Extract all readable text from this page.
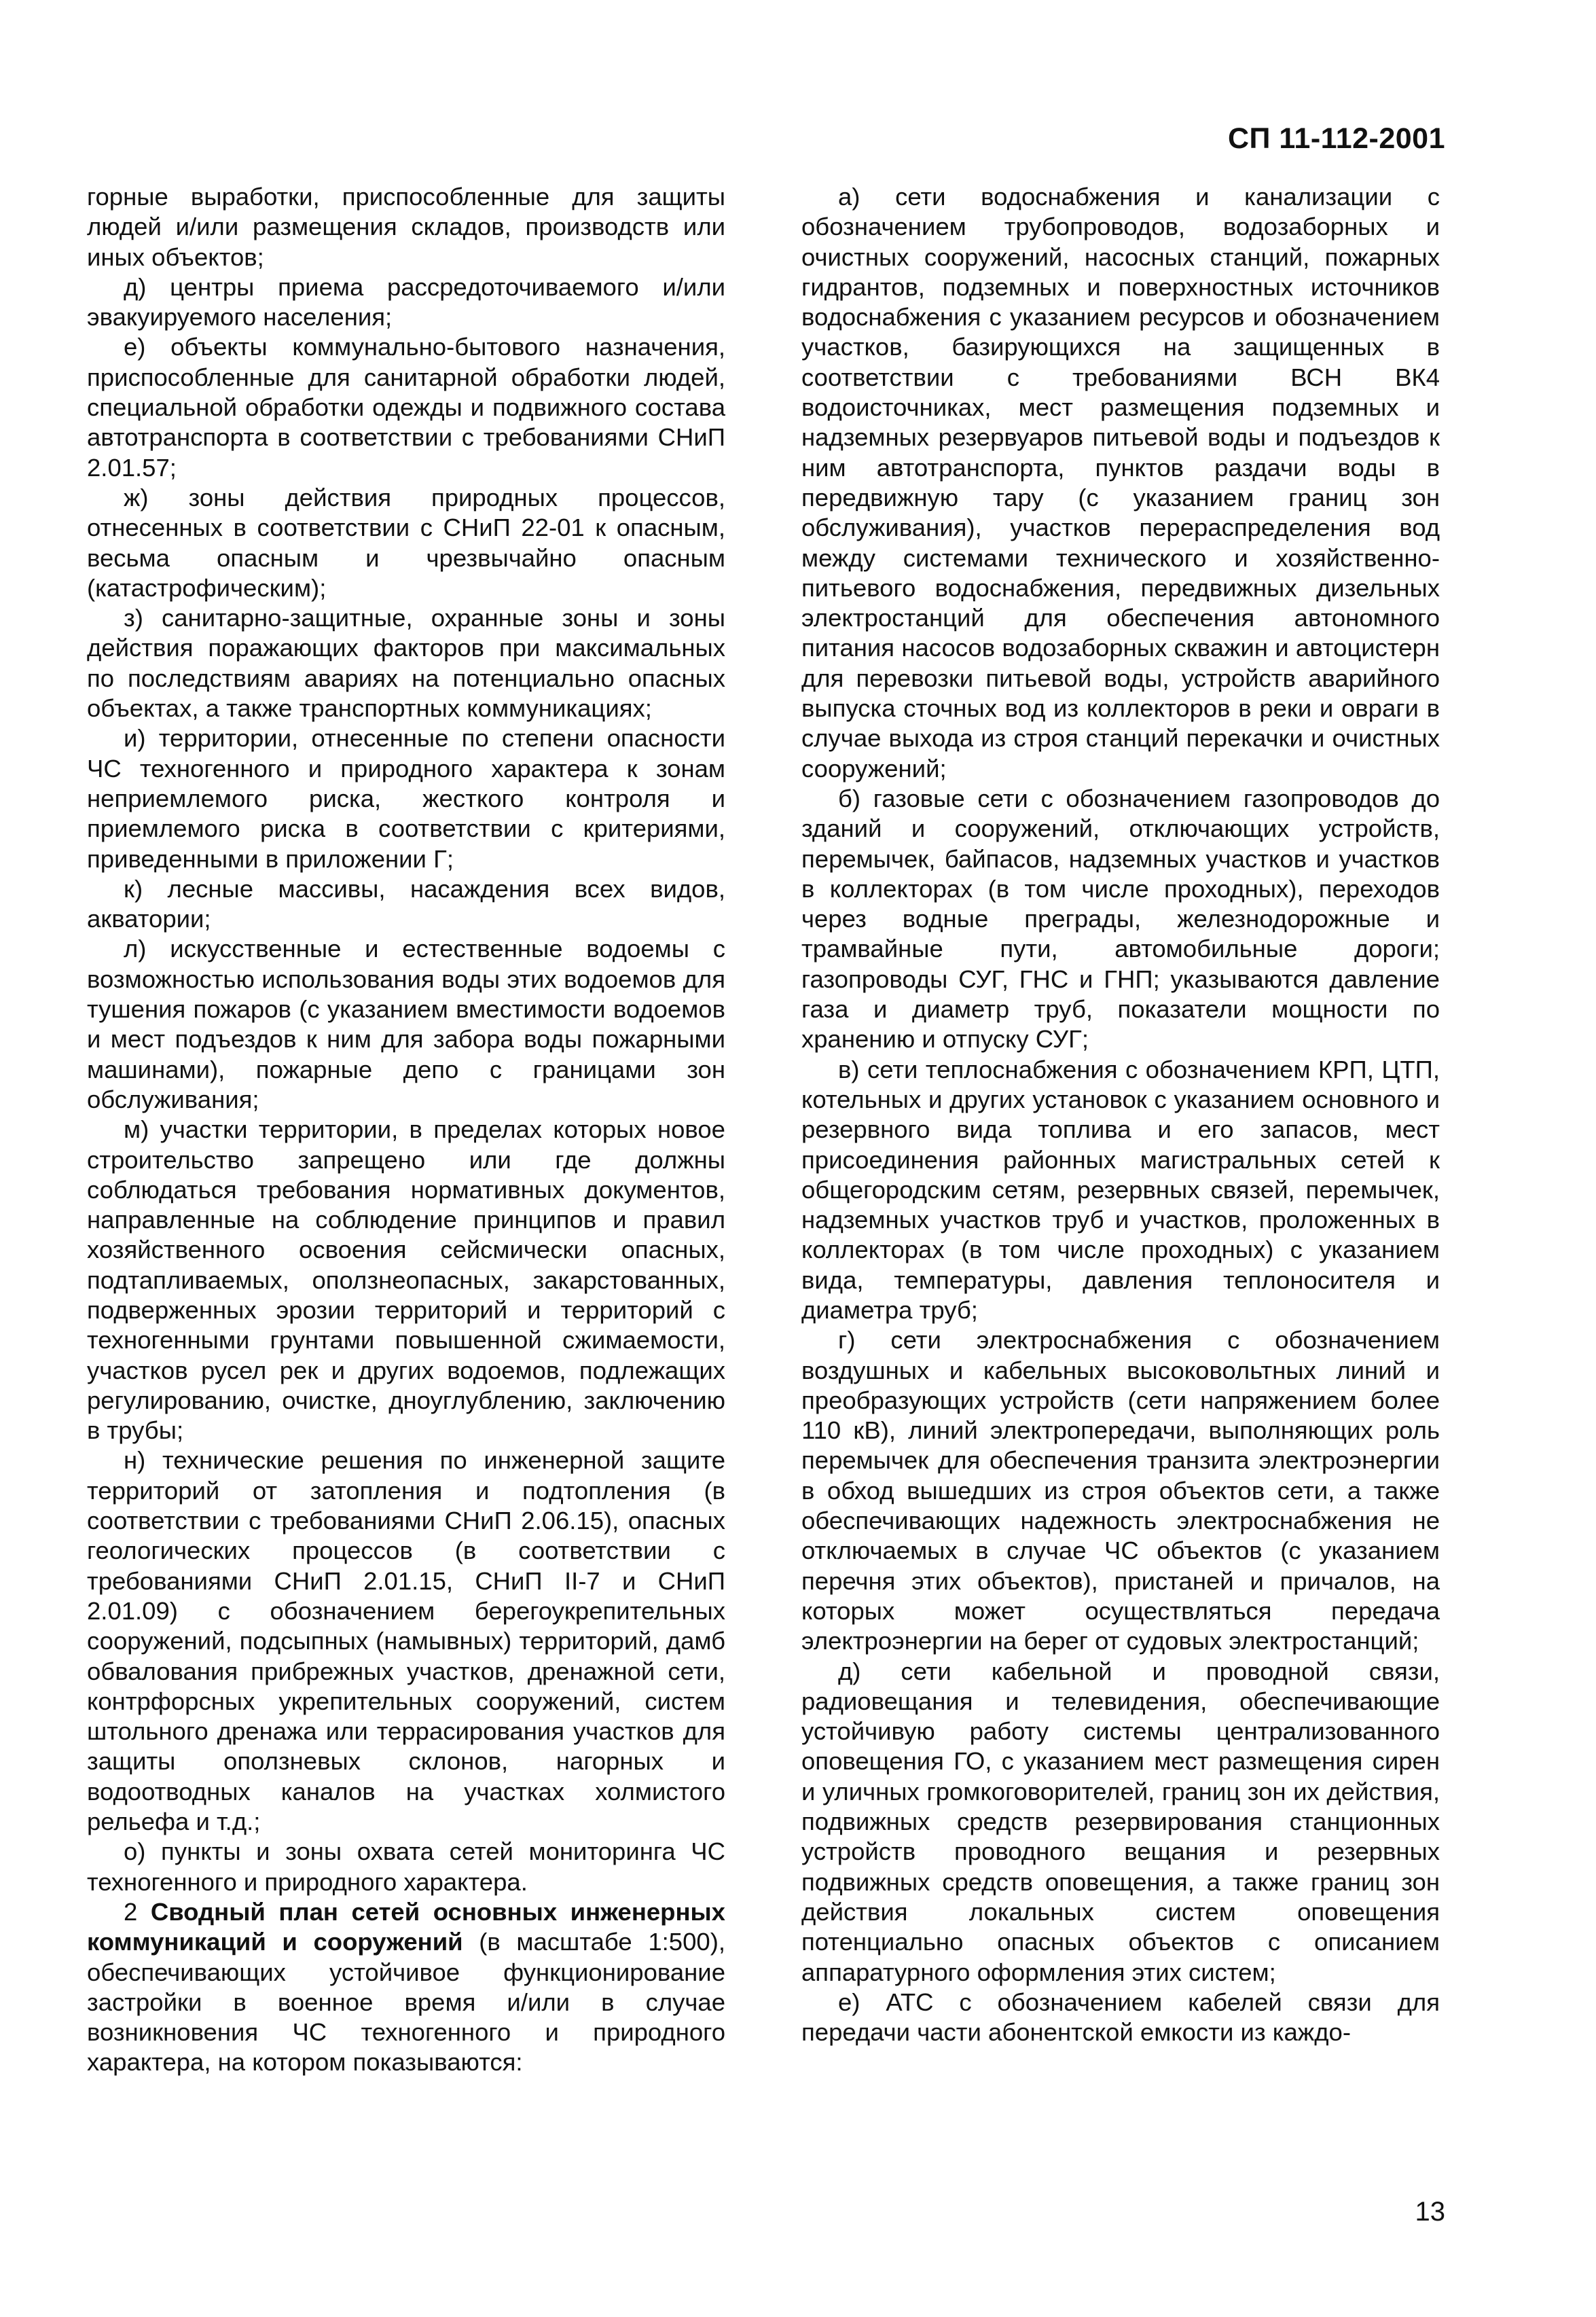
СП 11-112-2001

горные выработки, приспособленные для защиты людей и/или размещения складов, производств или иных объектов;

д) центры приема рассредоточиваемого и/или эвакуируемого населения;

е) объекты коммунально-бытового назначения, приспособленные для санитарной обработки людей, специальной обработки одежды и подвижного состава автотранспорта в соответствии с требованиями СНиП 2.01.57;

ж) зоны действия природных процессов, отнесенных в соответствии с СНиП 22-01 к опасным, весьма опасным и чрезвычайно опасным (катастрофическим);

з) санитарно-защитные, охранные зоны и зоны действия поражающих факторов при максимальных по последствиям авариях на потенциально опасных объектах, а также транспортных коммуникациях;

и) территории, отнесенные по степени опасности ЧС техногенного и природного характера к зонам неприемлемого риска, жесткого контроля и приемлемого риска в соответствии с критериями, приведенными в приложении Г;

к) лесные массивы, насаждения всех видов, акватории;

л) искусственные и естественные водоемы с возможностью использования воды этих водоемов для тушения пожаров (с указанием вместимости водоемов и мест подъездов к ним для забора воды пожарными машинами), пожарные депо с границами зон обслуживания;

м) участки территории, в пределах которых новое строительство запрещено или где должны соблюдаться требования нормативных документов, направленные на соблюдение принципов и правил хозяйственного освоения сейсмически опасных, подтапливаемых, оползнеопасных, закарстованных, подверженных эрозии территорий и территорий с техногенными грунтами повышенной сжимаемости, участков русел рек и других водоемов, подлежащих регулированию, очистке, дноуглублению, заключению в трубы;

н) технические решения по инженерной защите территорий от затопления и подтопления (в соответствии с требованиями СНиП 2.06.15), опасных геологических процессов (в соответствии с требованиями СНиП 2.01.15, СНиП II-7 и СНиП 2.01.09) с обозначением берегоукрепительных сооружений, подсыпных (намывных) территорий, дамб обвалования прибрежных участков, дренажной сети, контрфорсных укрепительных сооружений, систем штольного дренажа или террасирования участков для защиты оползневых склонов, нагорных и водоотводных каналов на участках холмистого рельефа и т.д.;

о) пункты и зоны охвата сетей мониторинга ЧС техногенного и природного характера.

2 Сводный план сетей основных инженерных коммуникаций и сооружений (в масштабе 1:500), обеспечивающих устойчивое функционирование застройки в военное время и/или в случае возникновения ЧС техногенного и природного характера, на котором показываются:

а) сети водоснабжения и канализации с обозначением трубопроводов, водозаборных и очистных сооружений, насосных станций, пожарных гидрантов, подземных и поверхностных источников водоснабжения с указанием ресурсов и обозначением участков, базирующихся на защищенных в соответствии с требованиями ВСН ВК4 водоисточниках, мест размещения подземных и надземных резервуаров питьевой воды и подъездов к ним автотранспорта, пунктов раздачи воды в передвижную тару (с указанием границ зон обслуживания), участков перераспределения вод между системами технического и хозяйственно-питьевого водоснабжения, передвижных дизельных электростанций для обеспечения автономного питания насосов водозаборных скважин и автоцистерн для перевозки питьевой воды, устройств аварийного выпуска сточных вод из коллекторов в реки и овраги в случае выхода из строя станций перекачки и очистных сооружений;

б) газовые сети с обозначением газопроводов до зданий и сооружений, отключающих устройств, перемычек, байпасов, надземных участков и участков в коллекторах (в том числе проходных), переходов через водные преграды, железнодорожные и трамвайные пути, автомобильные дороги; газопроводы СУГ, ГНС и ГНП; указываются давление газа и диаметр труб, показатели мощности по хранению и отпуску СУГ;

в) сети теплоснабжения с обозначением КРП, ЦТП, котельных и других установок с указанием основного и резервного вида топлива и его запасов, мест присоединения районных магистральных сетей к общегородским сетям, резервных связей, перемычек, надземных участков труб и участков, проложенных в коллекторах (в том числе проходных) с указанием вида, температуры, давления теплоносителя и диаметра труб;

г) сети электроснабжения с обозначением воздушных и кабельных высоковольтных линий и преобразующих устройств (сети напряжением более 110 кВ), линий электропередачи, выполняющих роль перемычек для обеспечения транзита электроэнергии в обход вышедших из строя объектов сети, а также обеспечивающих надежность электроснабжения не отключаемых в случае ЧС объектов (с указанием перечня этих объектов), пристаней и причалов, на которых может осуществляться передача электроэнергии на берег от судовых электростанций;

д) сети кабельной и проводной связи, радиовещания и телевидения, обеспечивающие устойчивую работу системы централизованного оповещения ГО, с указанием мест размещения сирен и уличных громкоговорителей, границ зон их действия, подвижных средств резервирования станционных устройств проводного вещания и резервных подвижных средств оповещения, а также границ зон действия локальных систем оповещения потенциально опасных объектов с описанием аппаратурного оформления этих систем;

е) АТС с обозначением кабелей связи для передачи части абонентской емкости из каждо-

13
